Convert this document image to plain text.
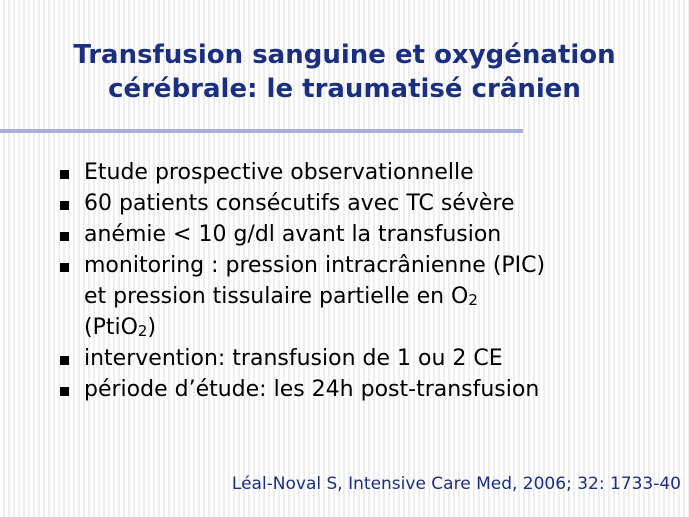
Transfusion sanguine et oxygénation
cérébrale: le traumatisé crânien
Etude prospective observationnelle
60 patients consécutifs avec TC sévère
anémie < 10 g/dl avant la transfusion
monitoring : pression intracrânienne (PIC)
et pression tissulaire partielle en $O_2$
(PtiO$_2$)
intervention: transfusion de 1 ou 2 CE
période d’étude: les 24h post-transfusion
Léal-Noval S, Intensive Care Med, 2006; 32: 1733-40
